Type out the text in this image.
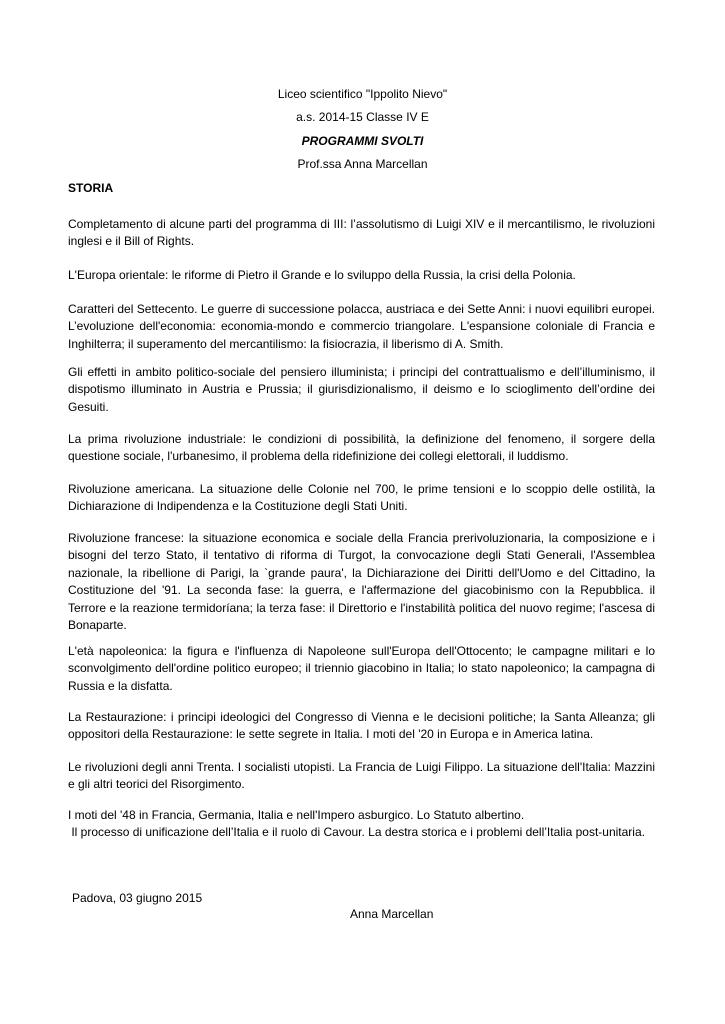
Liceo scientifico "Ippolito Nievo"
a.s. 2014-15 Classe IV E
PROGRAMMI SVOLTI
Prof.ssa Anna Marcellan
STORIA
Completamento di alcune parti del programma di III: l’assolutismo di Luigi XIV e il mercantilismo, le rivoluzioni inglesi e il Bill of Rights.
L'Europa orientale: le riforme di Pietro il Grande e lo sviluppo della Russia, la crisi della Polonia.
Caratteri del Settecento. Le guerre di successione polacca, austriaca e dei Sette Anni: i nuovi equilibri europei. L’evoluzione dell'economia: economia-mondo e commercio triangolare. L'espansione coloniale di Francia e Inghilterra; il superamento del mercantilismo: la fisiocrazia, il liberismo di A. Smith.
Gli effetti in ambito politico-sociale del pensiero illuminista; i principi del contrattualismo e dell’illuminismo, il dispotismo illuminato in Austria e Prussia; il giurisdizionalismo, il deismo e lo scioglimento dell’ordine dei Gesuiti.
La prima rivoluzione industriale: le condizioni di possibilità, la definizione del fenomeno, il sorgere della questione sociale, l'urbanesimo, il problema della ridefinizione dei collegi elettorali, il luddismo.
Rivoluzione americana. La situazione delle Colonie nel 700, le prime tensioni e lo scoppio delle ostilità, la Dichiarazione di Indipendenza e la Costituzione degli Stati Uniti.
Rivoluzione francese: la situazione economica e sociale della Francia prerivoluzionaria, la composizione e i bisogni del terzo Stato, il tentativo di riforma di Turgot, la convocazione degli Stati Generali, l'Assemblea nazionale, la ribellione di Parigi, la `grande paura', la Dichiarazione dei Diritti dell'Uomo e del Cittadino, la Costituzione del '91. La seconda fase: la guerra, e l'affermazione del giacobinismo con la Repubblica. il Terrore e la reazione termidoríana; la terza fase: il Direttorio e l'instabilità politica del nuovo regime; l'ascesa di Bonaparte.
L'età napoleonica: la figura e l'influenza di Napoleone sull'Europa dell'Ottocento; le campagne militari e lo sconvolgimento dell'ordine politico europeo; il triennio giacobino in Italia; lo stato napoleonico; la campagna di Russia e la disfatta.
La Restaurazione: i principi ideologici del Congresso di Vienna e le decisioni politiche; la Santa Alleanza; gli oppositori della Restaurazione: le sette segrete in Italia. I moti del '20 in Europa e in America latina.
Le rivoluzioni degli anni Trenta. I socialisti utopisti. La Francia de Luigi Filippo. La situazione dell'Italia: Mazzini e gli altri teorici del Risorgimento.
I moti del '48 in Francia, Germania, Italia e nell'Impero asburgico. Lo Statuto albertino.
Il processo di unificazione dell’Italia e il ruolo di Cavour. La destra storica e i problemi dell’Italia post-unitaria.
Padova, 03 giugno 2015
Anna Marcellan
